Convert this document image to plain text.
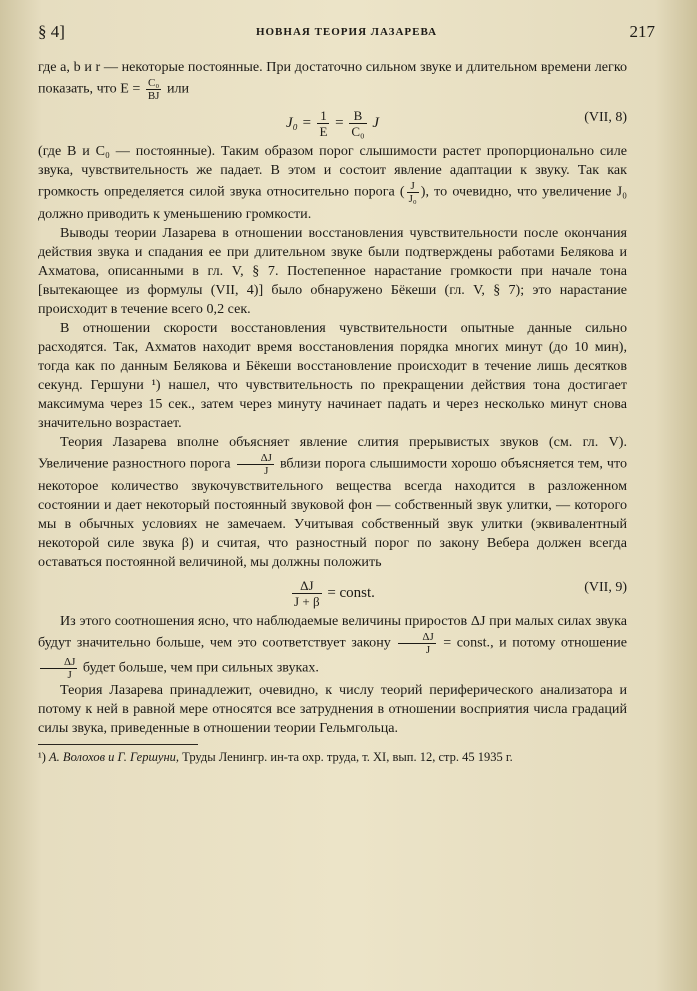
§ 4]	НОВНАЯ ТЕОРИЯ ЛАЗАРЕВА	217

где a, b и r — некоторые постоянные. При достаточно сильном звуке и длительном времени легко показать, что $E = \frac{\text{C₀}}{BJ}$ или

$J_0 = \frac{1}{E} = \frac{B}{\text{C₀}}$ J	(VII, 8)

(где B и C₀ — постоянные). Таким образом порог слышимости растет пропорционально силе звука, чувствительность же падает. В этом и состоит явление адаптации к звуку. Так как громкость определяется силой звука относительно порога ( $\frac{J}{\text{J₀}}$ ), то очевидно, что увеличение J₀ должно приводить к уменьшению громкости.

Выводы теории Лазарева в отношении восстановления чувствительности после окончания действия звука и спадания ее при длительном звуке были подтверждены работами Белякова и Ахматова, описанными в гл. V, § 7. Постепенное нарастание громкости при начале тона [вытекающее из формулы (VII, 4)] было обнаружено Бёкеши (гл. V, § 7); это нарастание происходит в течение всего 0,2 сек.

В отношении скорости восстановления чувствительности опытные данные сильно расходятся. Так, Ахматов находит время восстановления порядка многих минут (до 10 мин), тогда как по данным Белякова и Бёкеши восстановление происходит в течение лишь десятков секунд. Гершуни ¹) нашел, что чувствительность по прекращении действия тона достигает максимума через 15 сек., затем через минуту начинает падать и через несколько минут снова значительно возрастает.

Теория Лазарева вполне объясняет явление слития прерывистых звуков (см. гл. V). Увеличение разностного порога $\frac{\Delta J}{J}$ вблизи порога слышимости хорошо объясняется тем, что некоторое количество звукочувствительного вещества всегда находится в разложенном состоянии и дает некоторый постоянный звуковой фон — собственный звук улитки, — которого мы в обычных условиях не замечаем. Учитывая собственный звук улитки (эквивалентный некоторой силе звука β) и считая, что разностный порог по закону Вебера должен всегда оставаться постоянной величиной, мы должны положить

$\frac{\Delta J}{J + \beta}$ = const.	(VII, 9)

Из этого соотношения ясно, что наблюдаемые величины приростов ΔJ при малых силах звука будут значительно больше, чем это соответствует закону $\frac{\Delta J}{J}$ = const., и потому отношение
$\frac{\Delta J}{J}$ будет больше, чем при сильных звуках.

Теория Лазарева принадлежит, очевидно, к числу теорий периферического анализатора и потому к ней в равной мере относятся все затруднения в отношении восприятия числа градаций силы звука, приведенные в отношении теории Гельмгольца.

¹) А. Волохов и Г. Гершуни, Труды Ленингр. ин-та охр. труда, т. XI, вып. 12, стр. 45 1935 г.
